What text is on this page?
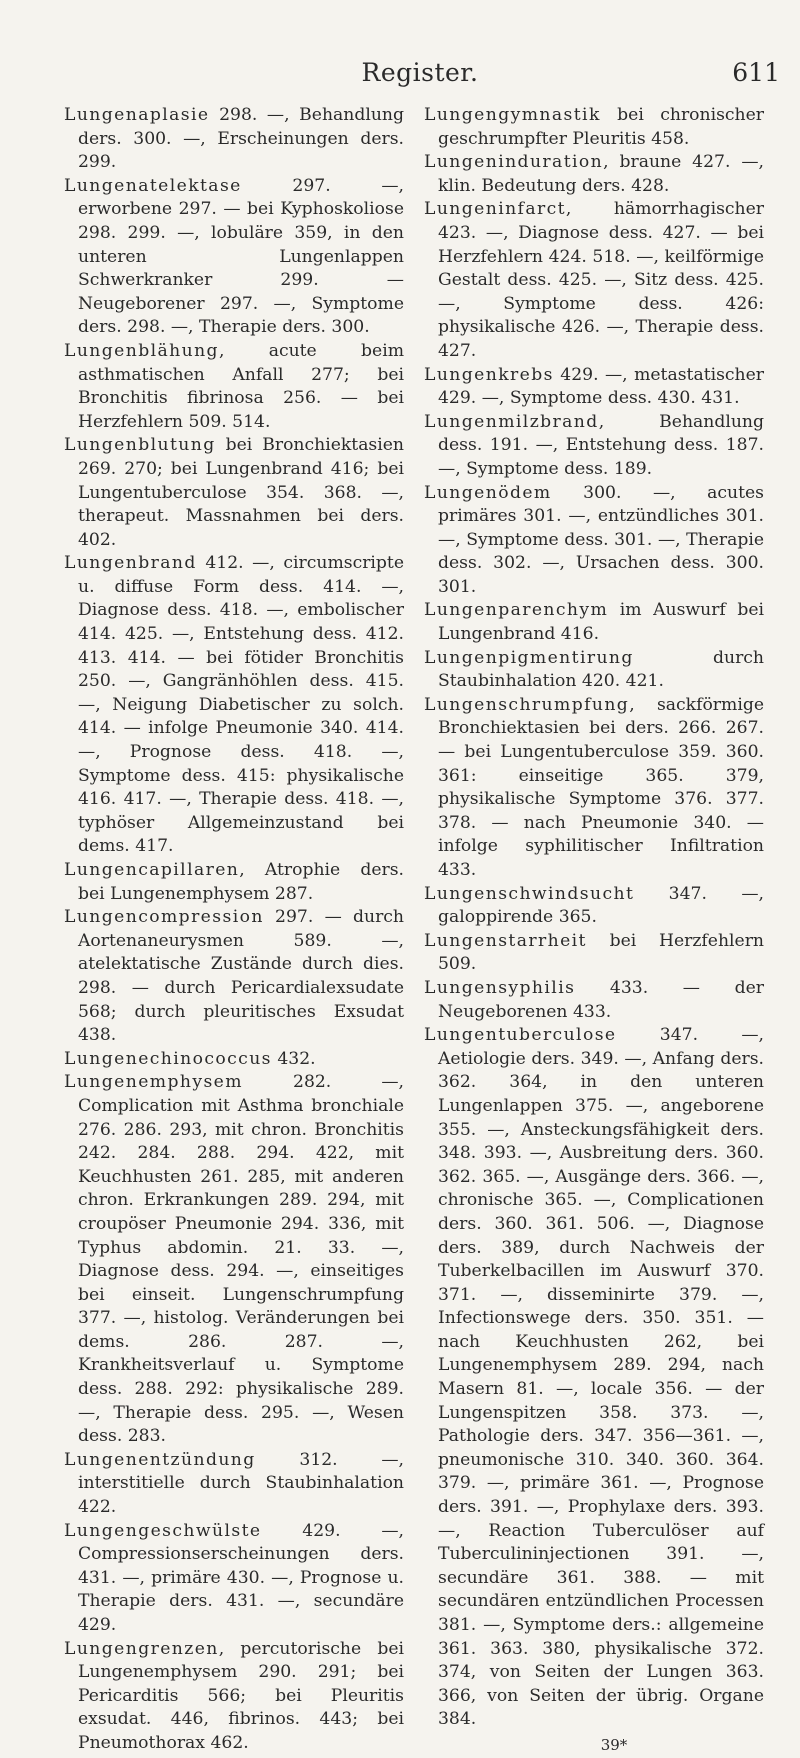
Register.	611

Lungenaplasie 298. —, Behandlung ders. 300. —, Erscheinungen ders. 299.

Lungenatelektase 297. —, erworbene 297. — bei Kyphoskoliose 298. 299. —, lobuläre 359, in den unteren Lungenlappen Schwerkranker 299. — Neugeborener 297. —, Symptome ders. 298. —, Therapie ders. 300.

Lungenblähung, acute beim asthmatischen Anfall 277; bei Bronchitis fibrinosa 256. — bei Herzfehlern 509. 514.

Lungenblutung bei Bronchiektasien 269. 270; bei Lungenbrand 416; bei Lungentuberculose 354. 368. —, therapeut. Massnahmen bei ders. 402.

Lungenbrand 412. —, circumscripte u. diffuse Form dess. 414. —, Diagnose dess. 418. —, embolischer 414. 425. —, Entstehung dess. 412. 413. 414. — bei fötider Bronchitis 250. —, Gangränhöhlen dess. 415. —, Neigung Diabetischer zu solch. 414. — infolge Pneumonie 340. 414. —, Prognose dess. 418. —, Symptome dess. 415: physikalische 416. 417. —, Therapie dess. 418. —, typhöser Allgemeinzustand bei dems. 417.

Lungencapillaren, Atrophie ders. bei Lungenemphysem 287.

Lungencompression 297. — durch Aortenaneurysmen 589. —, atelektatische Zustände durch dies. 298. — durch Pericardialexsudate 568; durch pleuritisches Exsudat 438.

Lungenechinococcus 432.

Lungenemphysem 282. —, Complication mit Asthma bronchiale 276. 286. 293, mit chron. Bronchitis 242. 284. 288. 294. 422, mit Keuchhusten 261. 285, mit anderen chron. Erkrankungen 289. 294, mit croupöser Pneumonie 294. 336, mit Typhus abdomin. 21. 33. —, Diagnose dess. 294. —, einseitiges bei einseit. Lungenschrumpfung 377. —, histolog. Veränderungen bei dems. 286. 287. —, Krankheitsverlauf u. Symptome dess. 288. 292: physikalische 289. —, Therapie dess. 295. —, Wesen dess. 283.

Lungenentzündung 312. —, interstitielle durch Staubinhalation 422.

Lungengeschwülste 429. —, Compressionserscheinungen ders. 431. —, primäre 430. —, Prognose u. Therapie ders. 431. —, secundäre 429.

Lungengrenzen, percutorische bei Lungenemphysem 290. 291; bei Pericarditis 566; bei Pleuritis exsudat. 446, fibrinos. 443; bei Pneumothorax 462.

Lungengymnastik bei chronischer geschrumpfter Pleuritis 458.

Lungeninduration, braune 427. —, klin. Bedeutung ders. 428.

Lungeninfarct, hämorrhagischer 423. —, Diagnose dess. 427. — bei Herzfehlern 424. 518. —, keilförmige Gestalt dess. 425. —, Sitz dess. 425. —, Symptome dess. 426: physikalische 426. —, Therapie dess. 427.

Lungenkrebs 429. —, metastatischer 429. —, Symptome dess. 430. 431.

Lungenmilzbrand, Behandlung dess. 191. —, Entstehung dess. 187. —, Symptome dess. 189.

Lungenödem 300. —, acutes primäres 301. —, entzündliches 301. —, Symptome dess. 301. —, Therapie dess. 302. —, Ursachen dess. 300. 301.

Lungenparenchym im Auswurf bei Lungenbrand 416.

Lungenpigmentirung durch Staubinhalation 420. 421.

Lungenschrumpfung, sackförmige Bronchiektasien bei ders. 266. 267. — bei Lungentuberculose 359. 360. 361: einseitige 365. 379, physikalische Symptome 376. 377. 378. — nach Pneumonie 340. — infolge syphilitischer Infiltration 433.

Lungenschwindsucht 347. —, galoppirende 365.

Lungenstarrheit bei Herzfehlern 509.

Lungensyphilis 433. — der Neugeborenen 433.

Lungentuberculose 347. —, Aetiologie ders. 349. —, Anfang ders. 362. 364, in den unteren Lungenlappen 375. —, angeborene 355. —, Ansteckungsfähigkeit ders. 348. 393. —, Ausbreitung ders. 360. 362. 365. —, Ausgänge ders. 366. —, chronische 365. —, Complicationen ders. 360. 361. 506. —, Diagnose ders. 389, durch Nachweis der Tuberkelbacillen im Auswurf 370. 371. —, disseminirte 379. —, Infectionswege ders. 350. 351. — nach Keuchhusten 262, bei Lungenemphysem 289. 294, nach Masern 81. —, locale 356. — der Lungenspitzen 358. 373. —, Pathologie ders. 347. 356—361. —, pneumonische 310. 340. 360. 364. 379. —, primäre 361. —, Prognose ders. 391. —, Prophylaxe ders. 393. —, Reaction Tuberculöser auf Tuberculininjectionen 391. —, secundäre 361. 388. — mit secundären entzündlichen Processen 381. —, Symptome ders.: allgemeine 361. 363. 380, physikalische 372. 374, von Seiten der Lungen 363. 366, von Seiten der übrig. Organe 384.

39*
